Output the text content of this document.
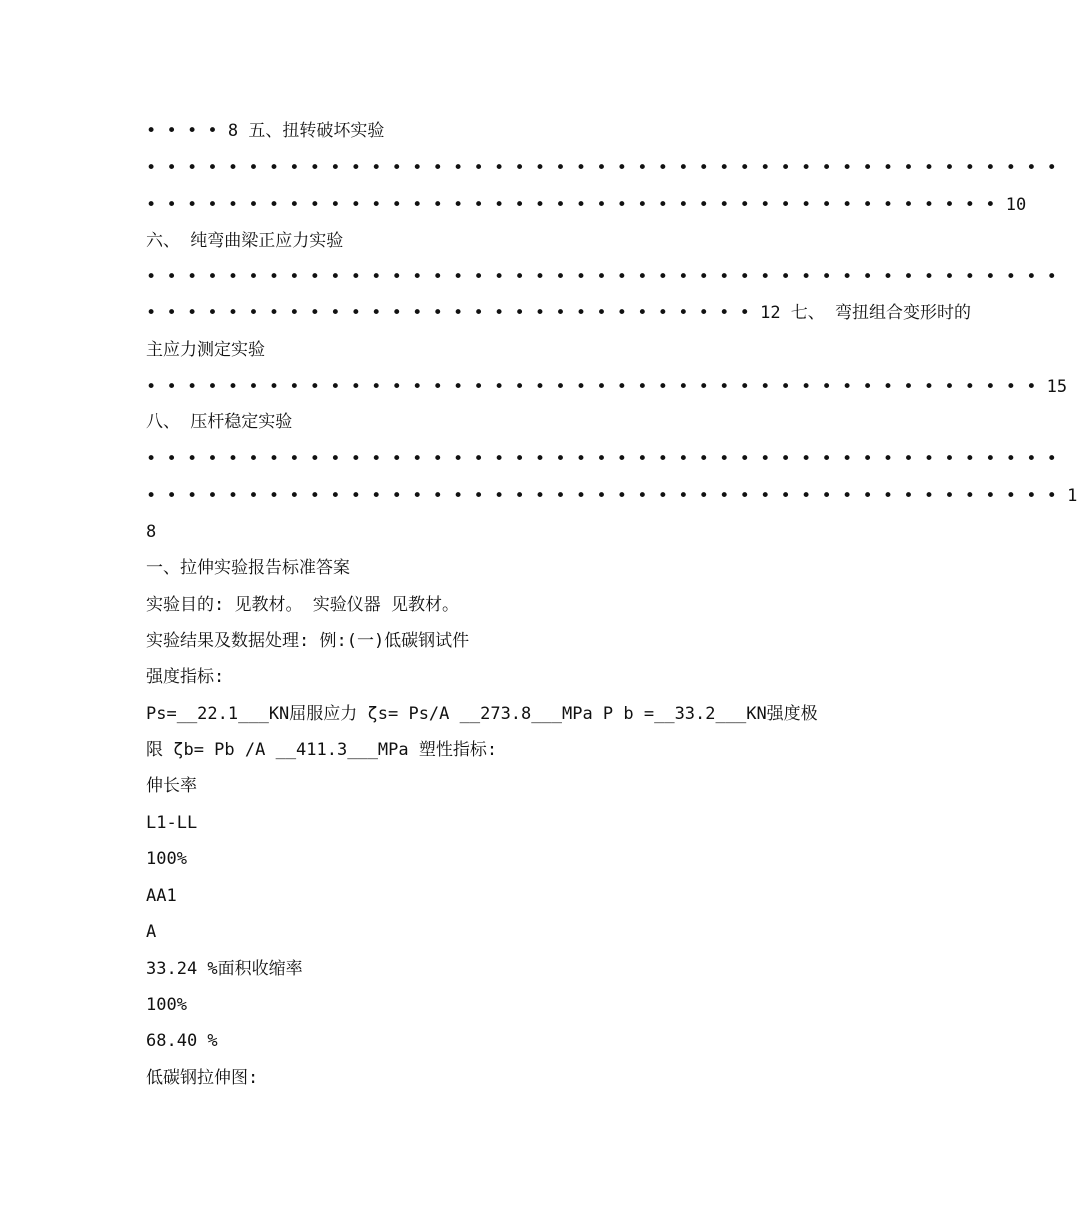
• • • • 8 五、扭转破坏实验
• • • • • • • • • • • • • • • • • • • • • • • • • • • • • • • • • • • • • • • • • • • • •
• • • • • • • • • • • • • • • • • • • • • • • • • • • • • • • • • • • • • • • • • • 10
六、 纯弯曲梁正应力实验
• • • • • • • • • • • • • • • • • • • • • • • • • • • • • • • • • • • • • • • • • • • • •
• • • • • • • • • • • • • • • • • • • • • • • • • • • • • • 12 七、 弯扭组合变形时的
主应力测定实验
• • • • • • • • • • • • • • • • • • • • • • • • • • • • • • • • • • • • • • • • • • • • 15
八、 压杆稳定实验
• • • • • • • • • • • • • • • • • • • • • • • • • • • • • • • • • • • • • • • • • • • • •
• • • • • • • • • • • • • • • • • • • • • • • • • • • • • • • • • • • • • • • • • • • • • 1
8
一、拉伸实验报告标准答案
实验目的: 见教材。 实验仪器 见教材。
实验结果及数据处理: 例:(一)低碳钢试件
强度指标:
Ps=__22.1___KN屈服应力 ζs= Ps/A __273.8___MPa P b =__33.2___KN强度极
限 ζb= Pb /A __411.3___MPa 塑性指标:
伸长率
L1-LL
100%
AA1
A
33.24 %面积收缩率
100%
68.40 %
低碳钢拉伸图:
